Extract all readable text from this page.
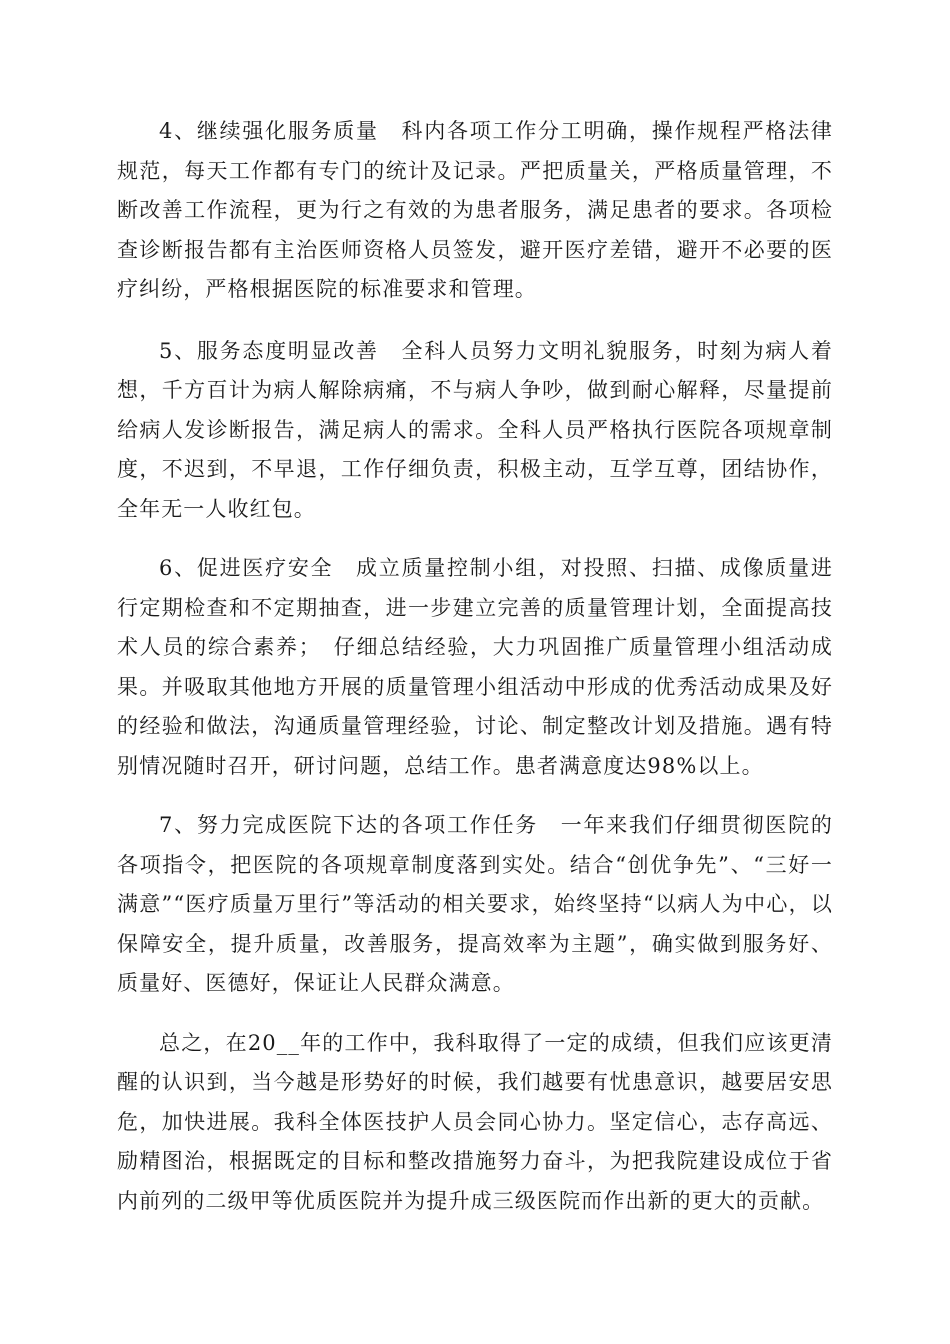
4、继续强化服务质量　科内各项工作分工明确，操作规程严格法律规范，每天工作都有专门的统计及记录。严把质量关，严格质量管理，不断改善工作流程，更为行之有效的为患者服务，满足患者的要求。各项检查诊断报告都有主治医师资格人员签发，避开医疗差错，避开不必要的医疗纠纷，严格根据医院的标准要求和管理。

5、服务态度明显改善　全科人员努力文明礼貌服务，时刻为病人着想，千方百计为病人解除病痛，不与病人争吵，做到耐心解释，尽量提前给病人发诊断报告，满足病人的需求。全科人员严格执行医院各项规章制度，不迟到，不早退，工作仔细负责，积极主动，互学互尊，团结协作，全年无一人收红包。

6、促进医疗安全　成立质量控制小组，对投照、扫描、成像质量进行定期检查和不定期抽查，进一步建立完善的质量管理计划，全面提高技术人员的综合素养；　仔细总结经验，大力巩固推广质量管理小组活动成果。并吸取其他地方开展的质量管理小组活动中形成的优秀活动成果及好的经验和做法，沟通质量管理经验，讨论、制定整改计划及措施。遇有特别情况随时召开，研讨问题，总结工作。患者满意度达98%以上。

7、努力完成医院下达的各项工作任务　一年来我们仔细贯彻医院的各项指令，把医院的各项规章制度落到实处。结合“创优争先”、“三好一满意”“医疗质量万里行”等活动的相关要求，始终坚持“以病人为中心，以保障安全，提升质量，改善服务，提高效率为主题”，确实做到服务好、质量好、医德好，保证让人民群众满意。

总之，在20__年的工作中，我科取得了一定的成绩，但我们应该更清醒的认识到，当今越是形势好的时候，我们越要有忧患意识，越要居安思危，加快进展。我科全体医技护人员会同心协力。坚定信心，志存高远、励精图治，根据既定的目标和整改措施努力奋斗，为把我院建设成位于省内前列的二级甲等优质医院并为提升成三级医院而作出新的更大的贡献。
